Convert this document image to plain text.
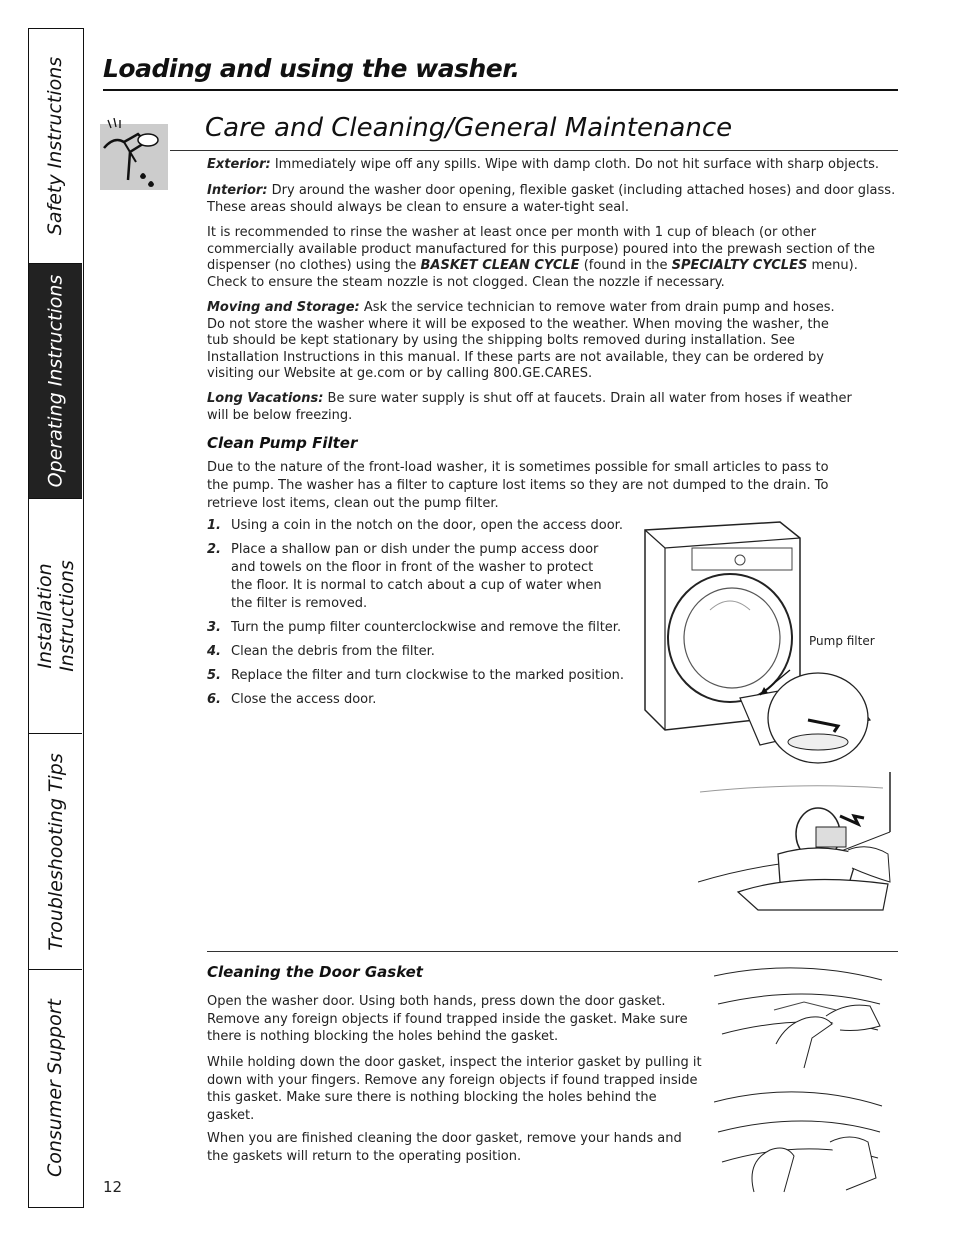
Safety Instructions
Operating Instructions
Installation Instructions
Troubleshooting Tips
Consumer Support
Loading and using the washer.
Care and Cleaning/General Maintenance
Exterior: Immediately wipe off any spills. Wipe with damp cloth. Do not hit surface with sharp objects.
Interior: Dry around the washer door opening, flexible gasket (including attached hoses) and door glass. These areas should always be clean to ensure a water-tight seal.
It is recommended to rinse the washer at least once per month with 1 cup of bleach (or other commercially available product manufactured for this purpose) poured into the prewash section of the dispenser (no clothes) using the BASKET CLEAN CYCLE (found in the SPECIALTY CYCLES menu). Check to ensure the steam nozzle is not clogged. Clean the nozzle if necessary.
Moving and Storage: Ask the service technician to remove water from drain pump and hoses. Do not store the washer where it will be exposed to the weather. When moving the washer, the tub should be kept stationary by using the shipping bolts removed during installation. See Installation Instructions in this manual. If these parts are not available, they can be ordered by visiting our Website at ge.com or by calling 800.GE.CARES.
Long Vacations: Be sure water supply is shut off at faucets. Drain all water from hoses if weather will be below freezing.
Clean Pump Filter
Due to the nature of the front-load washer, it is sometimes possible for small articles to pass to the pump. The washer has a filter to capture lost items so they are not dumped to the drain. To retrieve lost items, clean out the pump filter.
1. Using a coin in the notch on the door, open the access door.
2. Place a shallow pan or dish under the pump access door and towels on the floor in front of the washer to protect the floor. It is normal to catch about a cup of water when the filter is removed.
3. Turn the pump filter counterclockwise and remove the filter.
4. Clean the debris from the filter.
5. Replace the filter and turn clockwise to the marked position.
6. Close the access door.
Pump filter
Cleaning the Door Gasket
Open the washer door. Using both hands, press down the door gasket. Remove any foreign objects if found trapped inside the gasket. Make sure there is nothing blocking the holes behind the gasket.
While holding down the door gasket, inspect the interior gasket by pulling it down with your fingers. Remove any foreign objects if found trapped inside this gasket. Make sure there is nothing blocking the holes behind the gasket.
When you are finished cleaning the door gasket, remove your hands and the gaskets will return to the operating position.
12
